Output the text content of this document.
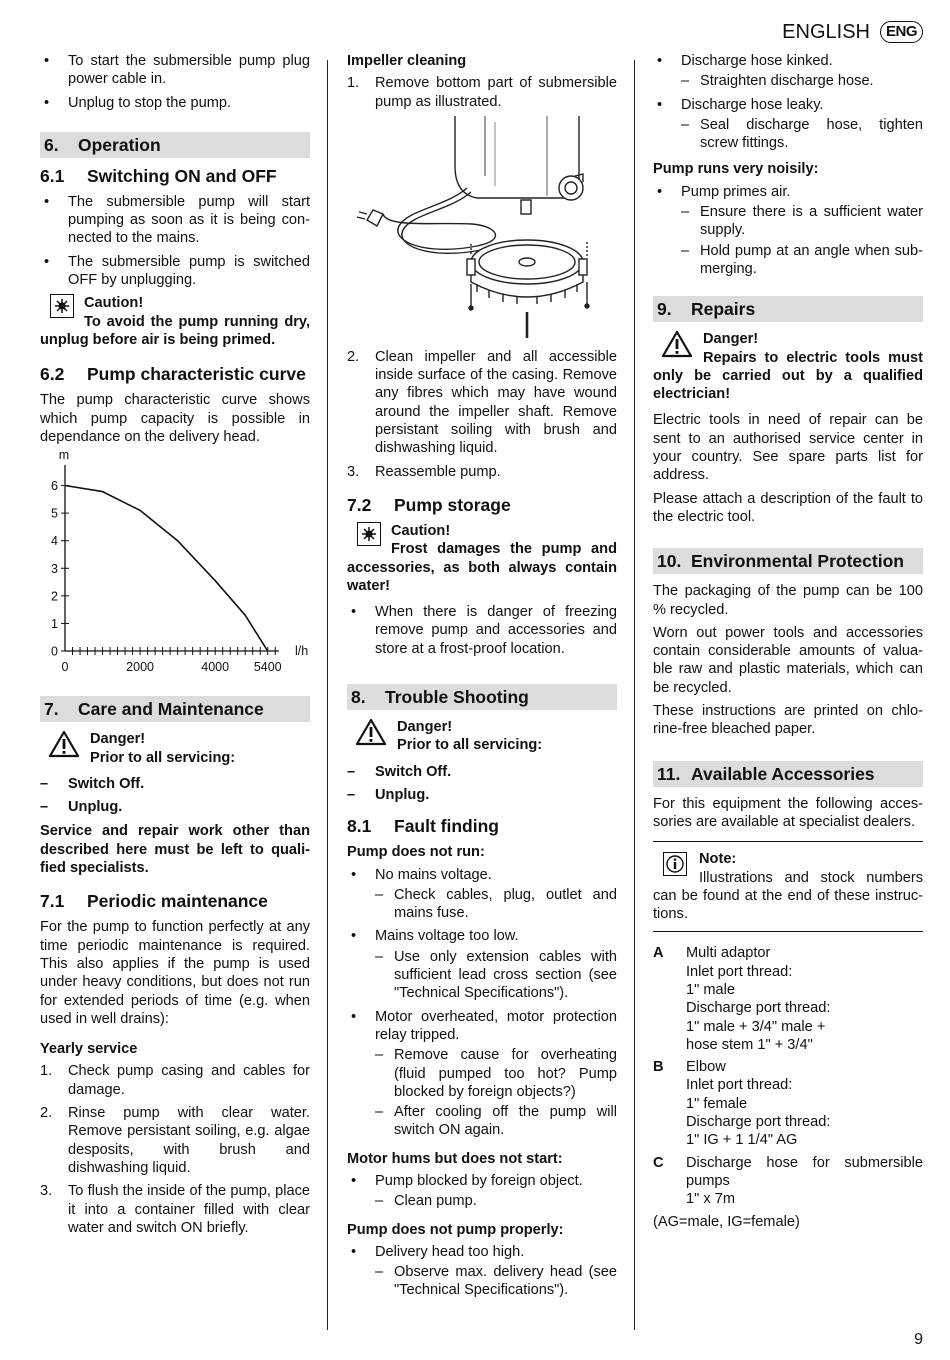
ENGLISH	ENG
• To start the submersible pump plug power cable in.
• Unplug to stop the pump.
6. Operation
6.1	Switching ON and OFF
• The submersible pump will start pumping as soon as it is being con-nected to the mains.
• The submersible pump is switched OFF by unplugging.
Caution!
To avoid the pump running dry, unplug before air is being primed.
6.2	Pump characteristic curve

The pump characteristic curve shows which pump capacity is possible in dependance on the delivery head.

0
1
2
3
4
5
6
0	2000	4000 5400
m
l/h
7. Care and Maintenance
Danger!
Prior to all servicing:
– Switch Off.
– Unplug.

Service and repair work other than described here must be left to quali-fied specialists.

7.1	Periodic maintenance

For the pump to function perfectly at any time periodic maintenance is required. This also applies if the pump is used under heavy conditions, but does not run for extended periods of time (e.g. when used in well drains):

Yearly service
1. Check pump casing and cables for damage.
2. Rinse pump with clear water. Remove persistant soiling, e.g. algae desposits, with brush and dishwashing liquid.
3. To flush the inside of the pump, place it into a container filled with clear water and switch ON briefly.
Impeller cleaning
1. Remove bottom part of submersible pump as illustrated.
2. Clean impeller and all accessible inside surface of the casing. Remove any fibres which may have wound around the impeller shaft. Remove persistant soiling with brush and dishwashing liquid.
3. Reassemble pump.
7.2	Pump storage
Caution!
Frost damages the pump and accessories, as both always contain water!
• When there is danger of freezing remove pump and accessories and store at a frost-proof location.
8. Trouble Shooting
Danger!
Prior to all servicing:
– Switch Off.
– Unplug.
8.1	Fault finding
Pump does not run:
• No mains voltage.
– Check cables, plug, outlet and mains fuse.
• Mains voltage too low.
– Use only extension cables with sufficient lead cross section (see "Technical Specifications").
• Motor overheated, motor protection relay tripped.
– Remove cause for overheating (fluid pumped too hot? Pump blocked by foreign objects?)
– After cooling off the pump will switch ON again.
Motor hums but does not start:
• Pump blocked by foreign object.
– Clean pump.
Pump does not pump properly:
• Delivery head too high.
– Observe max. delivery head (see "Technical Specifications").
• Discharge hose kinked.
– Straighten discharge hose.
• Discharge hose leaky.
– Seal discharge hose, tighten screw fittings.
Pump runs very noisily:
• Pump primes air.
– Ensure there is a sufficient water supply.
– Hold pump at an angle when sub-merging.
9. Repairs
Danger!
Repairs to electric tools must only be carried out by a qualified electrician!

Electric tools in need of repair can be sent to an authorised service center in your country. See spare parts list for address.

Please attach a description of the fault to the electric tool.

10. Environmental Protection

The packaging of the pump can be 100 % recycled.

Worn out power tools and accessories contain considerable amounts of valua-ble raw and plastic materials, which can be recycled.

These instructions are printed on chlo-rine-free bleached paper.

11. Available Accessories

For this equipment the following acces-sories are available at specialist dealers.

Note:
Illustrations and stock numbers can be found at the end of these instruc-tions.
A	Multi adaptor
Inlet port thread:
1" male
Discharge port thread:
1" male + 3/4" male +
hose stem 1" + 3/4"
B	Elbow
Inlet port thread:
1" female
Discharge port thread:
1" IG + 1 1/4" AG
C	Discharge hose for submersible pumps
1" x 7m

(AG=male, IG=female)

9
